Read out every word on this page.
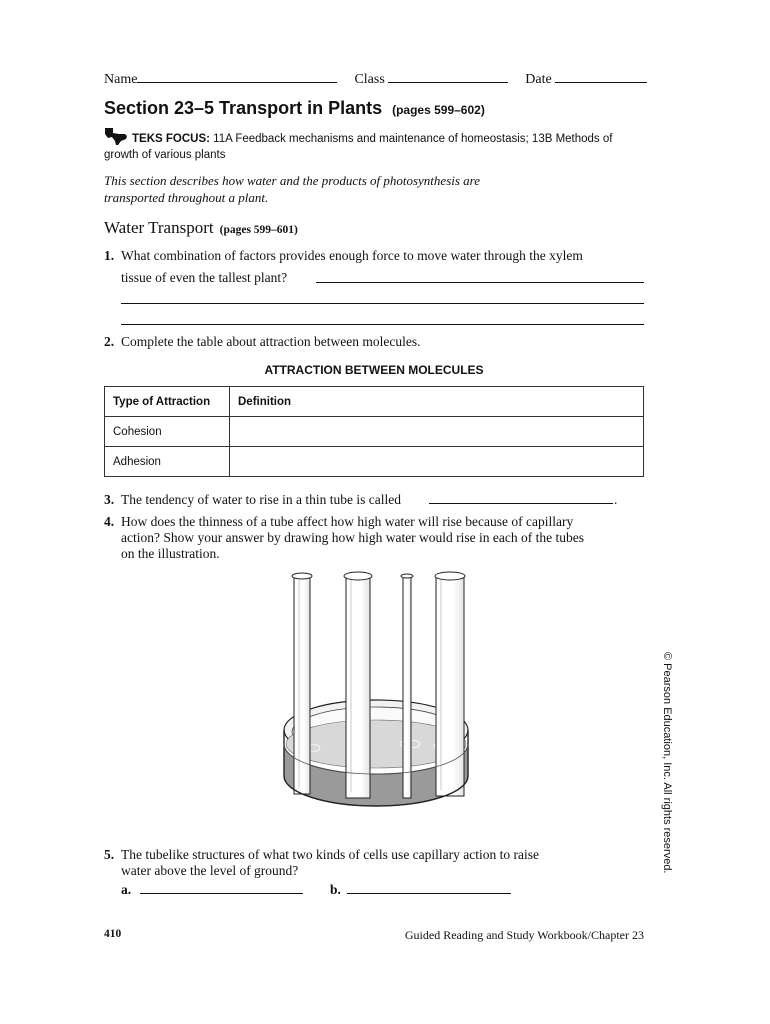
Name	Class	Date
Section 23–5 Transport in Plants (pages 599–602)
TEKS FOCUS: 11A Feedback mechanisms and maintenance of homeostasis; 13B Methods of growth of various plants
This section describes how water and the products of photosynthesis are transported throughout a plant.
Water Transport (pages 599–601)
1. What combination of factors provides enough force to move water through the xylem
tissue of even the tallest plant?
2. Complete the table about attraction between molecules.
ATTRACTION BETWEEN MOLECULES
Type of Attraction	Definition
Cohesion	
Adhesion	
3. The tendency of water to rise in a thin tube is called	.
4. How does the thinness of a tube affect how high water will rise because of capillary
action? Show your answer by drawing how high water would rise in each of the tubes
on the illustration.
© Pearson Education, Inc. All rights reserved.
5. The tubelike structures of what two kinds of cells use capillary action to raise
water above the level of ground?
a.	b.
410	Guided Reading and Study Workbook/Chapter 23
